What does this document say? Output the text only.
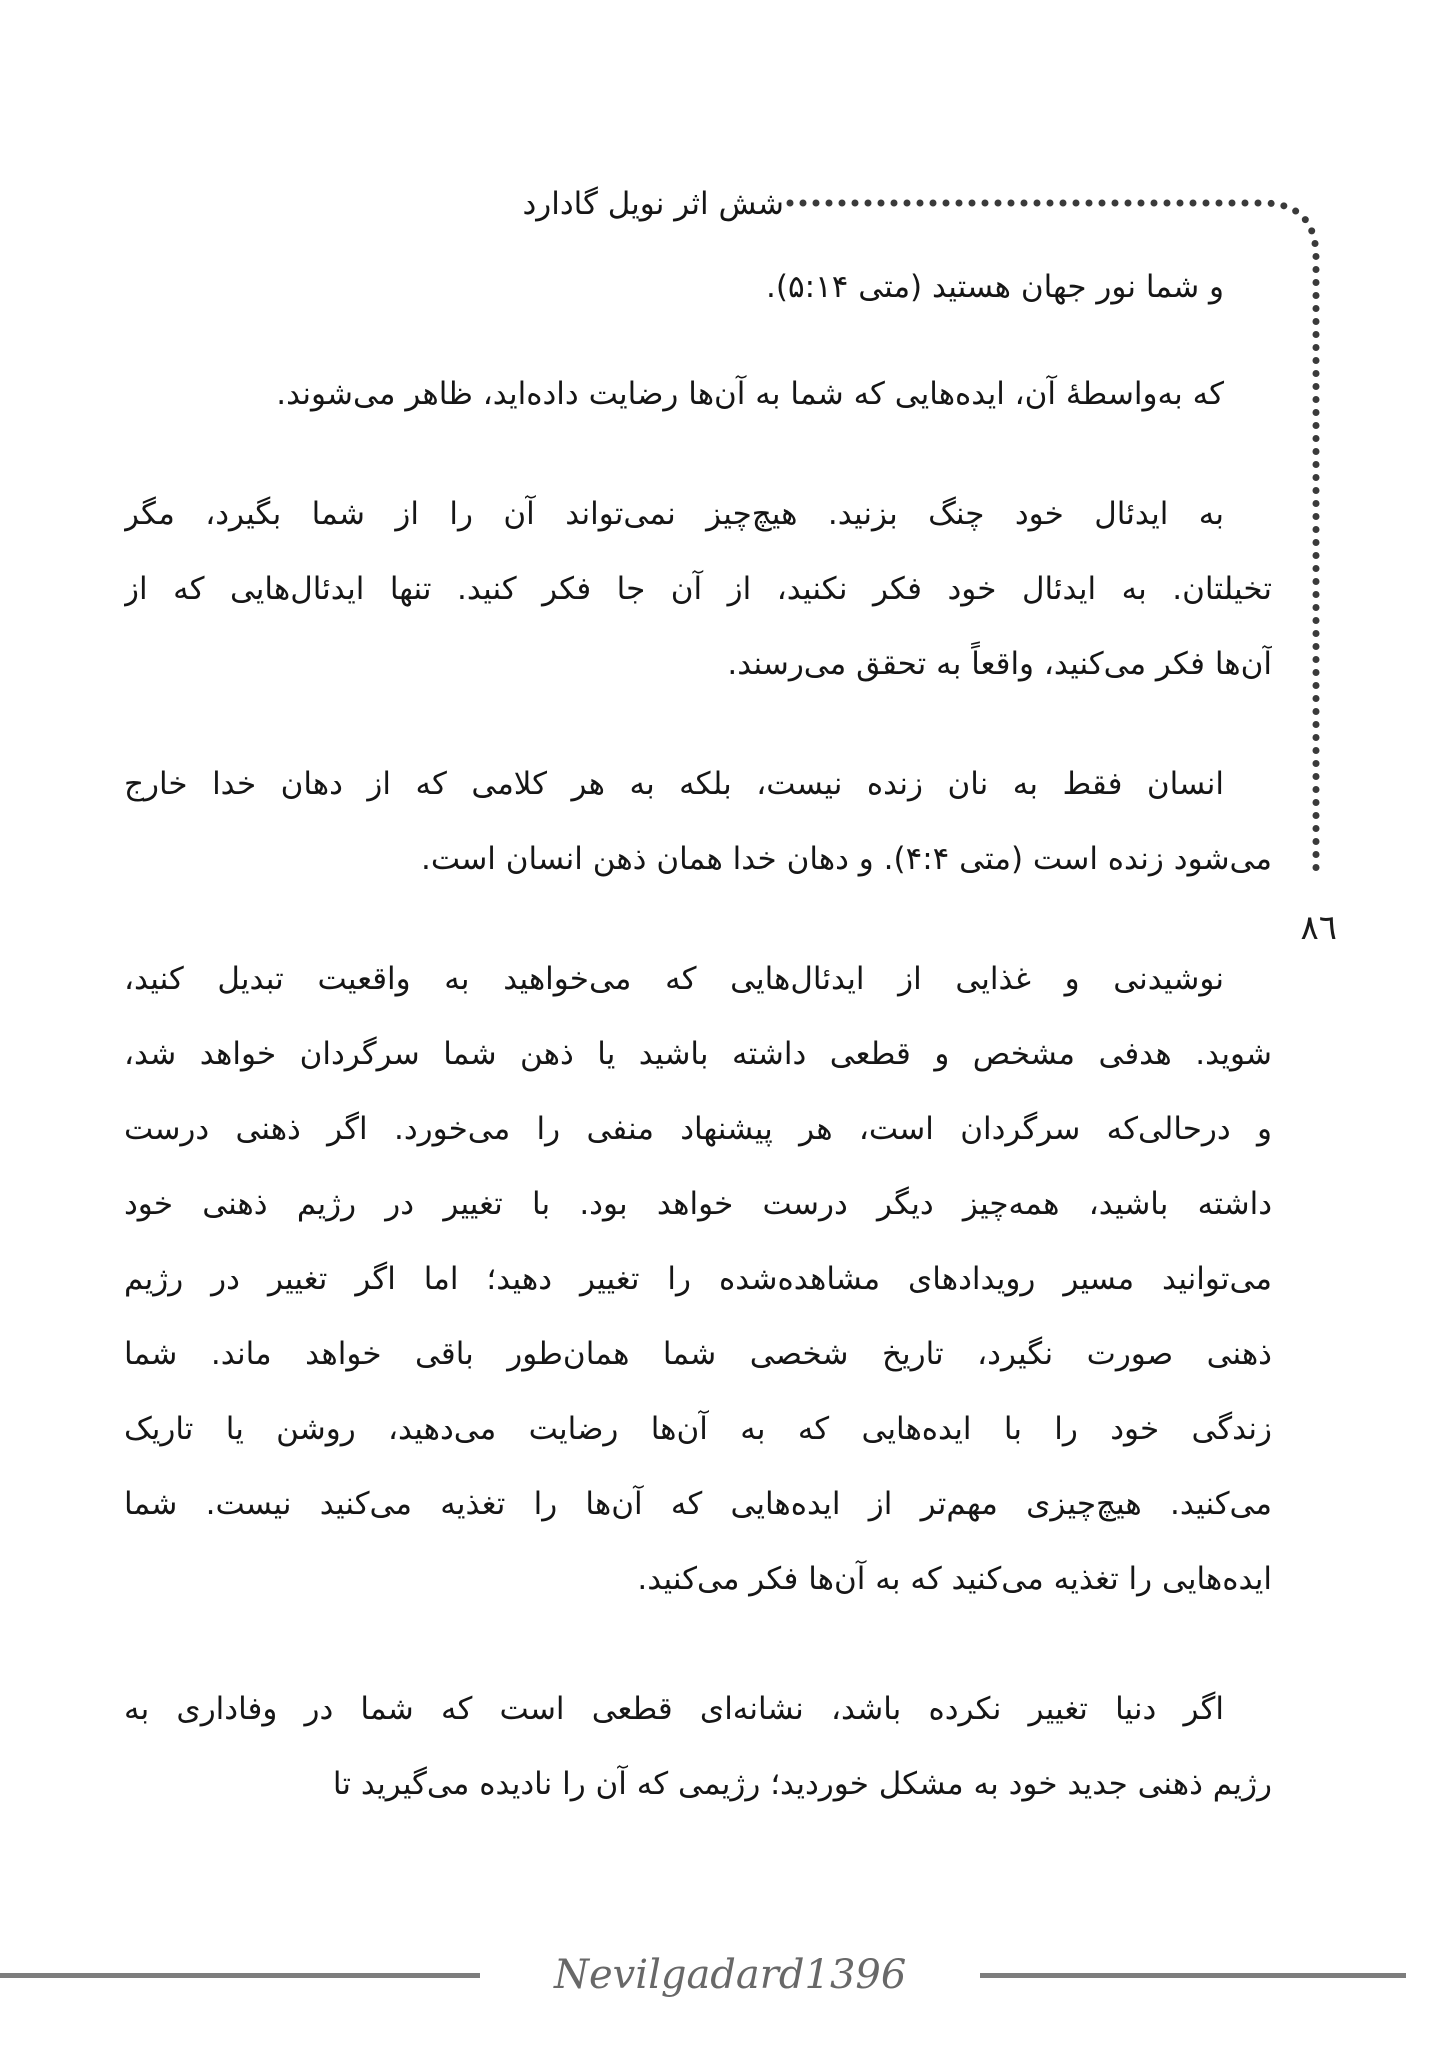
شش اثر نویل گادارد
٨٦
و شما نور جهان هستید (متی ۵:۱۴).
که به‌واسطهٔ آن، ایده‌هایی که شما به آن‌ها رضایت داده‌اید، ظاهر می‌شوند.
به ایدئال خود چنگ بزنید. هیچ‌چیز نمی‌تواند آن را از شما بگیرد، مگر
تخیلتان. به ایدئال خود فکر نکنید، از آن جا فکر کنید. تنها ایدئال‌هایی که از
آن‌ها فکر می‌کنید، واقعاً به تحقق می‌رسند.
انسان فقط به نان زنده نیست، بلکه به هر کلامی که از دهان خدا خارج
می‌شود زنده است (متی ۴:۴). و دهان خدا همان ذهن انسان است.
نوشیدنی و غذایی از ایدئال‌هایی که می‌خواهید به واقعیت تبدیل کنید،
شوید. هدفی مشخص و قطعی داشته باشید یا ذهن شما سرگردان خواهد شد،
و درحالی‌که سرگردان است، هر پیشنهاد منفی را می‌خورد. اگر ذهنی درست
داشته باشید، همه‌چیز دیگر درست خواهد بود. با تغییر در رژیم ذهنی خود
می‌توانید مسیر رویدادهای مشاهده‌شده را تغییر دهید؛ اما اگر تغییر در رژیم
ذهنی صورت نگیرد، تاریخ شخصی شما همان‌طور باقی خواهد ماند. شما
زندگی خود را با ایده‌هایی که به آن‌ها رضایت می‌دهید، روشن یا تاریک
می‌کنید. هیچ‌چیزی مهم‌تر از ایده‌هایی که آن‌ها را تغذیه می‌کنید نیست. شما
ایده‌هایی را تغذیه می‌کنید که به آن‌ها فکر می‌کنید.
اگر دنیا تغییر نکرده باشد، نشانه‌ای قطعی است که شما در وفاداری به
رژیم ذهنی جدید خود به مشکل خوردید؛ رژیمی که آن را نادیده می‌گیرید تا
Nevilgadard1396
